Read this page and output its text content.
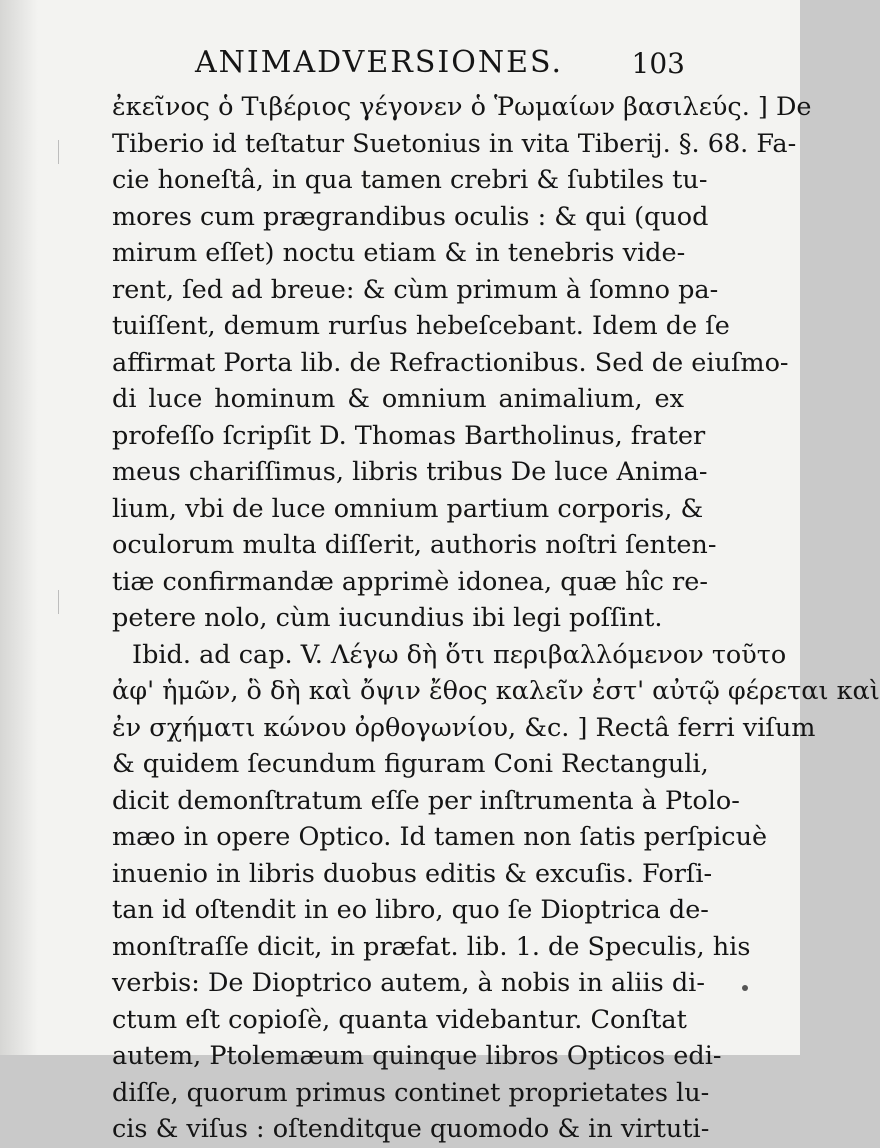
ANIMADVERSIONES. 103
ἐκεῖνος ὁ Τιβέριος γέγονεν ὁ Ῥωμαίων βασιλεύς. ] De
Tiberio id teſtatur Suetonius in vita Tiberij. §. 68. Fa-
cie honeſtâ, in qua tamen crebri & ſubtiles tu-
mores cum prægrandibus oculis : & qui (quod
mirum eſſet) noctu etiam & in tenebris vide-
rent, ſed ad breue: & cùm primum à ſomno pa-
tuiſſent, demum rurſus hebeſcebant. Idem de ſe
affirmat Porta lib. de Refractionibus. Sed de eiuſmo-
di luce hominum & omnium animalium, ex
profeſſo ſcripſit D. Thomas Bartholinus, frater
meus chariſſimus, libris tribus De luce Anima-
lium, vbi de luce omnium partium corporis, &
oculorum multa diſſerit, authoris noſtri ſenten-
tiæ confirmandæ apprimè idonea, quæ hîc re-
petere nolo, cùm iucundius ibi legi poſſint.
Ibid. ad cap. V. Λέγω δὴ ὅτι περιβαλλόμενον τοῦτο
ἀφ' ἡμῶν, ὃ δὴ καὶ ὄψιν ἔθος καλεῖν ἐστ' αὐτῷ φέρεται καὶ
ἐν σχήματι κώνου ὀρθογωνίου, &c. ] Rectâ ferri viſum
& quidem ſecundum figuram Coni Rectanguli,
dicit demonſtratum eſſe per inſtrumenta à Ptolo-
mæo in opere Optico. Id tamen non ſatis perſpicuè
inuenio in libris duobus editis & excuſis. Forſi-
tan id oſtendit in eo libro, quo ſe Dioptrica de-
monſtraſſe dicit, in præfat. lib. 1. de Speculis, his
verbis: De Dioptrico autem, à nobis in aliis di-
ctum eſt copioſè, quanta videbantur. Conſtat
autem, Ptolemæum quinque libros Opticos edi-
diſſe, quorum primus continet proprietates lu-
cis & viſus : oſtenditque quomodo & in virtuti-
